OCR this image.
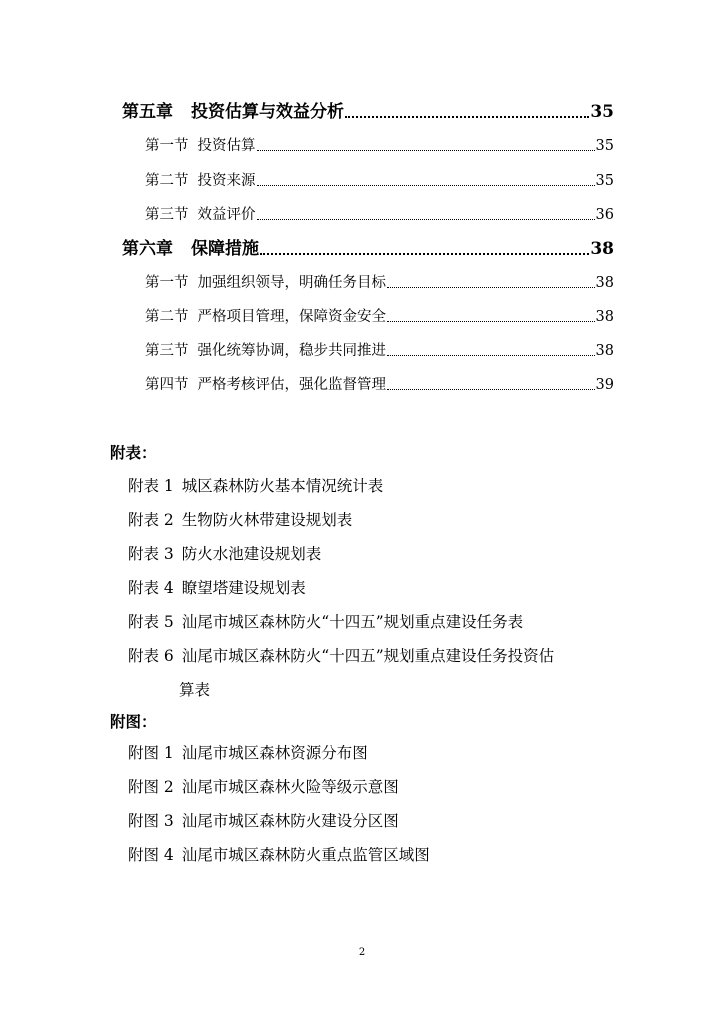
第五章 投资估算与效益分析	35
第一节 投资估算	35
第二节 投资来源	35
第三节 效益评价	36
第六章 保障措施	38
第一节 加强组织领导，明确任务目标	38
第二节 严格项目管理，保障资金安全	38
第三节 强化统筹协调，稳步共同推进	38
第四节 严格考核评估，强化监督管理	39
附表：
附表 1 城区森林防火基本情况统计表
附表 2 生物防火林带建设规划表
附表 3 防火水池建设规划表
附表 4 瞭望塔建设规划表
附表 5 汕尾市城区森林防火“十四五”规划重点建设任务表
附表 6 汕尾市城区森林防火“十四五”规划重点建设任务投资估
算表
附图：
附图 1 汕尾市城区森林资源分布图
附图 2 汕尾市城区森林火险等级示意图
附图 3 汕尾市城区森林防火建设分区图
附图 4 汕尾市城区森林防火重点监管区域图
2
